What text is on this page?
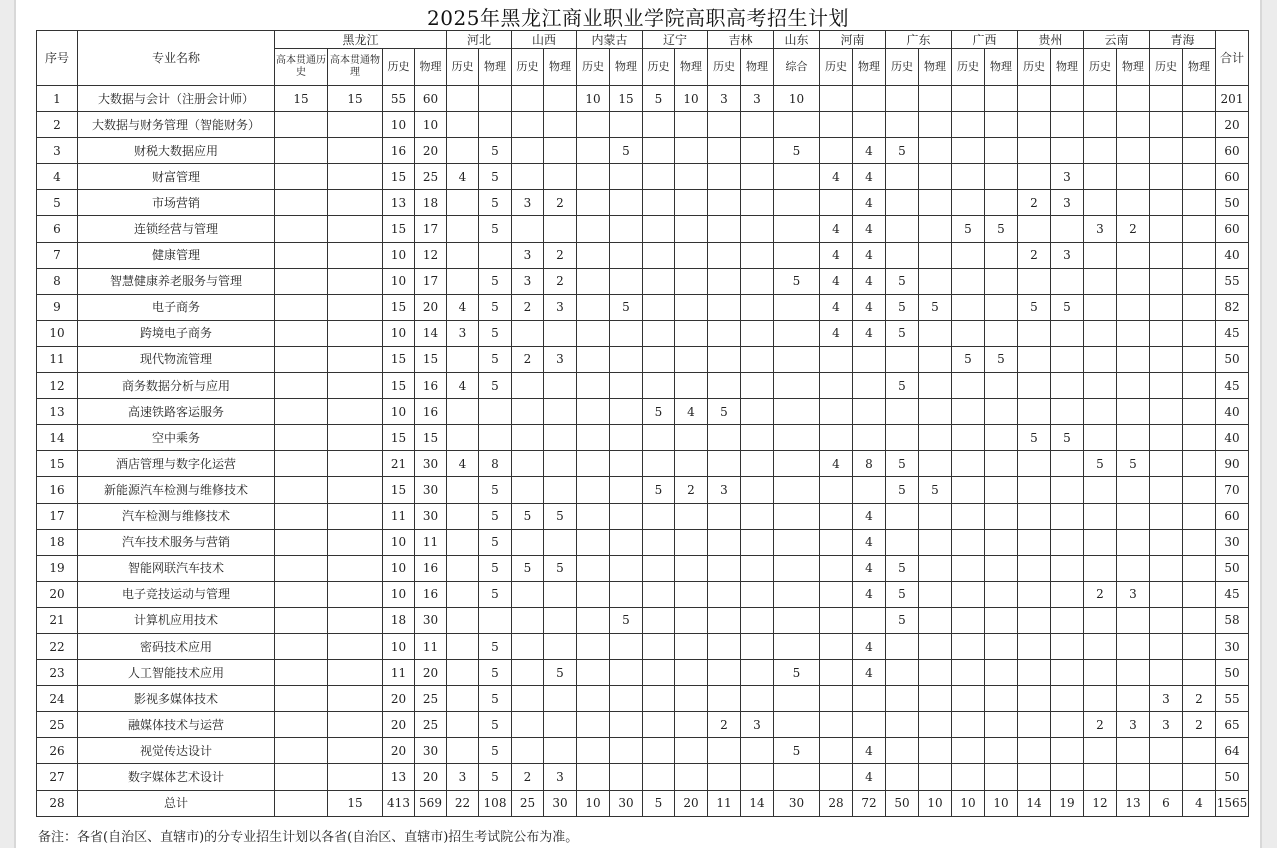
2025年黑龙江商业职业学院高职高考招生计划
序号	专业名称	黑龙江				河北		山西		内蒙古		辽宁		吉林		山东	河南		广东		广西		贵州		云南		青海		合计
		高本贯通历史	高本贯通物理	历史	物理	历史	物理	历史	物理	历史	物理	历史	物理	历史	物理	综合	历史	物理	历史	物理	历史	物理	历史	物理	历史	物理	历史	物理	
1	大数据与会计（注册会计师）	15	15	55	60					10	15	5	10	3	3	10													201
2	大数据与财务管理（智能财务）			10	10																								20
3	财税大数据应用			16	20		5				5					5		4	5										60
4	财富管理			15	25	4	5										4	4						3					60
5	市场营销			13	18		5	3	2									4					2	3					50
6	连锁经营与管理			15	17		5										4	4			5	5			3	2			60
7	健康管理			10	12			3	2								4	4					2	3					40
8	智慧健康养老服务与管理			10	17		5	3	2							5	4	4	5										55
9	电子商务			15	20	4	5	2	3		5						4	4	5	5			5	5					82
10	跨境电子商务			10	14	3	5										4	4	5										45
11	现代物流管理			15	15		5	2	3												5	5							50
12	商务数据分析与应用			15	16	4	5												5										45
13	高速铁路客运服务			10	16							5	4	5															40
14	空中乘务			15	15																		5	5					40
15	酒店管理与数字化运营			21	30	4	8										4	8	5						5	5			90
16	新能源汽车检测与维修技术			15	30		5					5	2	3					5	5									70
17	汽车检测与维修技术			11	30		5	5	5									4											60
18	汽车技术服务与营销			10	11		5											4											30
19	智能网联汽车技术			10	16		5	5	5									4	5										50
20	电子竞技运动与管理			10	16		5											4	5						2	3			45
21	计算机应用技术			18	30						5								5										58
22	密码技术应用			10	11		5											4											30
23	人工智能技术应用			11	20		5		5							5		4											50
24	影视多媒体技术			20	25		5																				3	2	55
25	融媒体技术与运营			20	25		5							2	3										2	3	3	2	65
26	视觉传达设计			20	30		5									5		4											64
27	数字媒体艺术设计			13	20	3	5	2	3									4											50
28	总计		15	413	569	22	108	25	30	10	30	5	20	11	14	30	28	72	50	10	10	10	14	19	12	13	6	4	1565
备注：各省(自治区、直辖市)的分专业招生计划以各省(自治区、直辖市)招生考试院公布为准。
